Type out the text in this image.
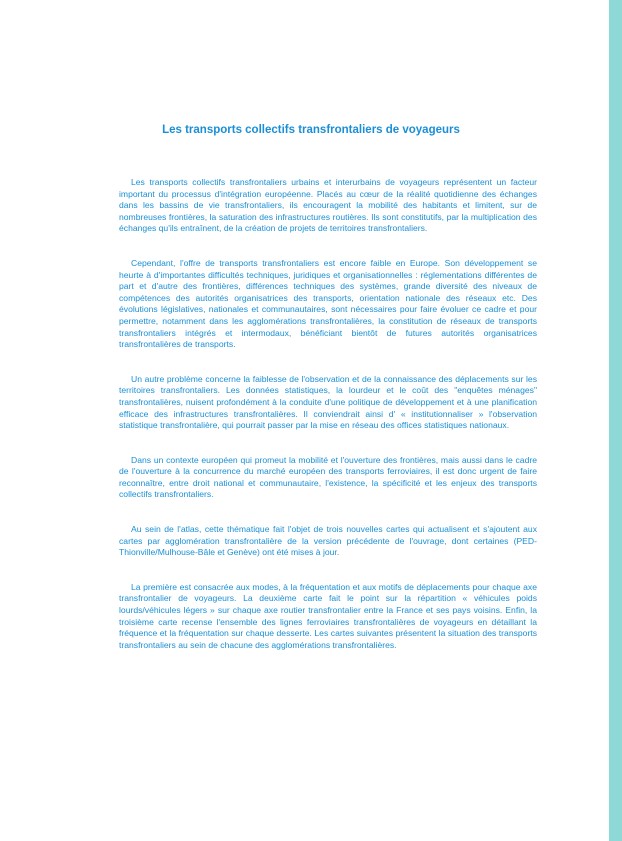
Les transports collectifs transfrontaliers de voyageurs

Les transports collectifs transfrontaliers urbains et interurbains de voyageurs représentent un facteur important du processus d'intégration européenne. Placés au cœur de la réalité quotidienne des échanges dans les bassins de vie transfrontaliers, ils encouragent la mobilité des habitants et limitent, sur de nombreuses frontières, la saturation des infrastructures routières. Ils sont constitutifs, par la multiplication des échanges qu'ils entraînent, de la création de projets de territoires transfrontaliers.

Cependant, l'offre de transports transfrontaliers est encore faible en Europe. Son développement se heurte à d'importantes difficultés techniques, juridiques et organisationnelles : réglementations différentes de part et d'autre des frontières, différences techniques des systèmes, grande diversité des niveaux de compétences des autorités organisatrices des transports, orientation nationale des réseaux etc. Des évolutions législatives, nationales et communautaires, sont nécessaires pour faire évoluer ce cadre et pour permettre, notamment dans les agglomérations transfrontalières, la constitution de réseaux de transports transfrontaliers intégrés et intermodaux, bénéficiant bientôt de futures autorités organisatrices transfrontalières de transports.

Un autre problème concerne la faiblesse de l'observation et de la connaissance des déplacements sur les territoires transfrontaliers. Les données statistiques, la lourdeur et le coût des "enquêtes ménages" transfrontalières, nuisent profondément à la conduite d'une politique de développement et à une planification efficace des infrastructures transfrontalières. Il conviendrait ainsi d' « institutionnaliser » l'observation statistique transfrontalière, qui pourrait passer par la mise en réseau des offices statistiques nationaux.

Dans un contexte européen qui promeut la mobilité et l'ouverture des frontières, mais aussi dans le cadre de l'ouverture à la concurrence du marché européen des transports ferroviaires, il est donc urgent de faire reconnaître, entre droit national et communautaire, l'existence, la spécificité et les enjeux des transports collectifs transfrontaliers.

Au sein de l'atlas, cette thématique fait l'objet de trois nouvelles cartes qui actualisent et s'ajoutent aux cartes par agglomération transfrontalière de la version précédente de l'ouvrage, dont certaines (PED-Thionville/Mulhouse-Bâle et Genève) ont été mises à jour.

La première est consacrée aux modes, à la fréquentation et aux motifs de déplacements pour chaque axe transfrontalier de voyageurs. La deuxième carte fait le point sur la répartition « véhicules poids lourds/véhicules légers » sur chaque axe routier transfrontalier entre la France et ses pays voisins. Enfin, la troisième carte recense l'ensemble des lignes ferroviaires transfrontalières de voyageurs en détaillant la fréquence et la fréquentation sur chaque desserte. Les cartes suivantes présentent la situation des transports transfrontaliers au sein de chacune des agglomérations transfrontalières.
